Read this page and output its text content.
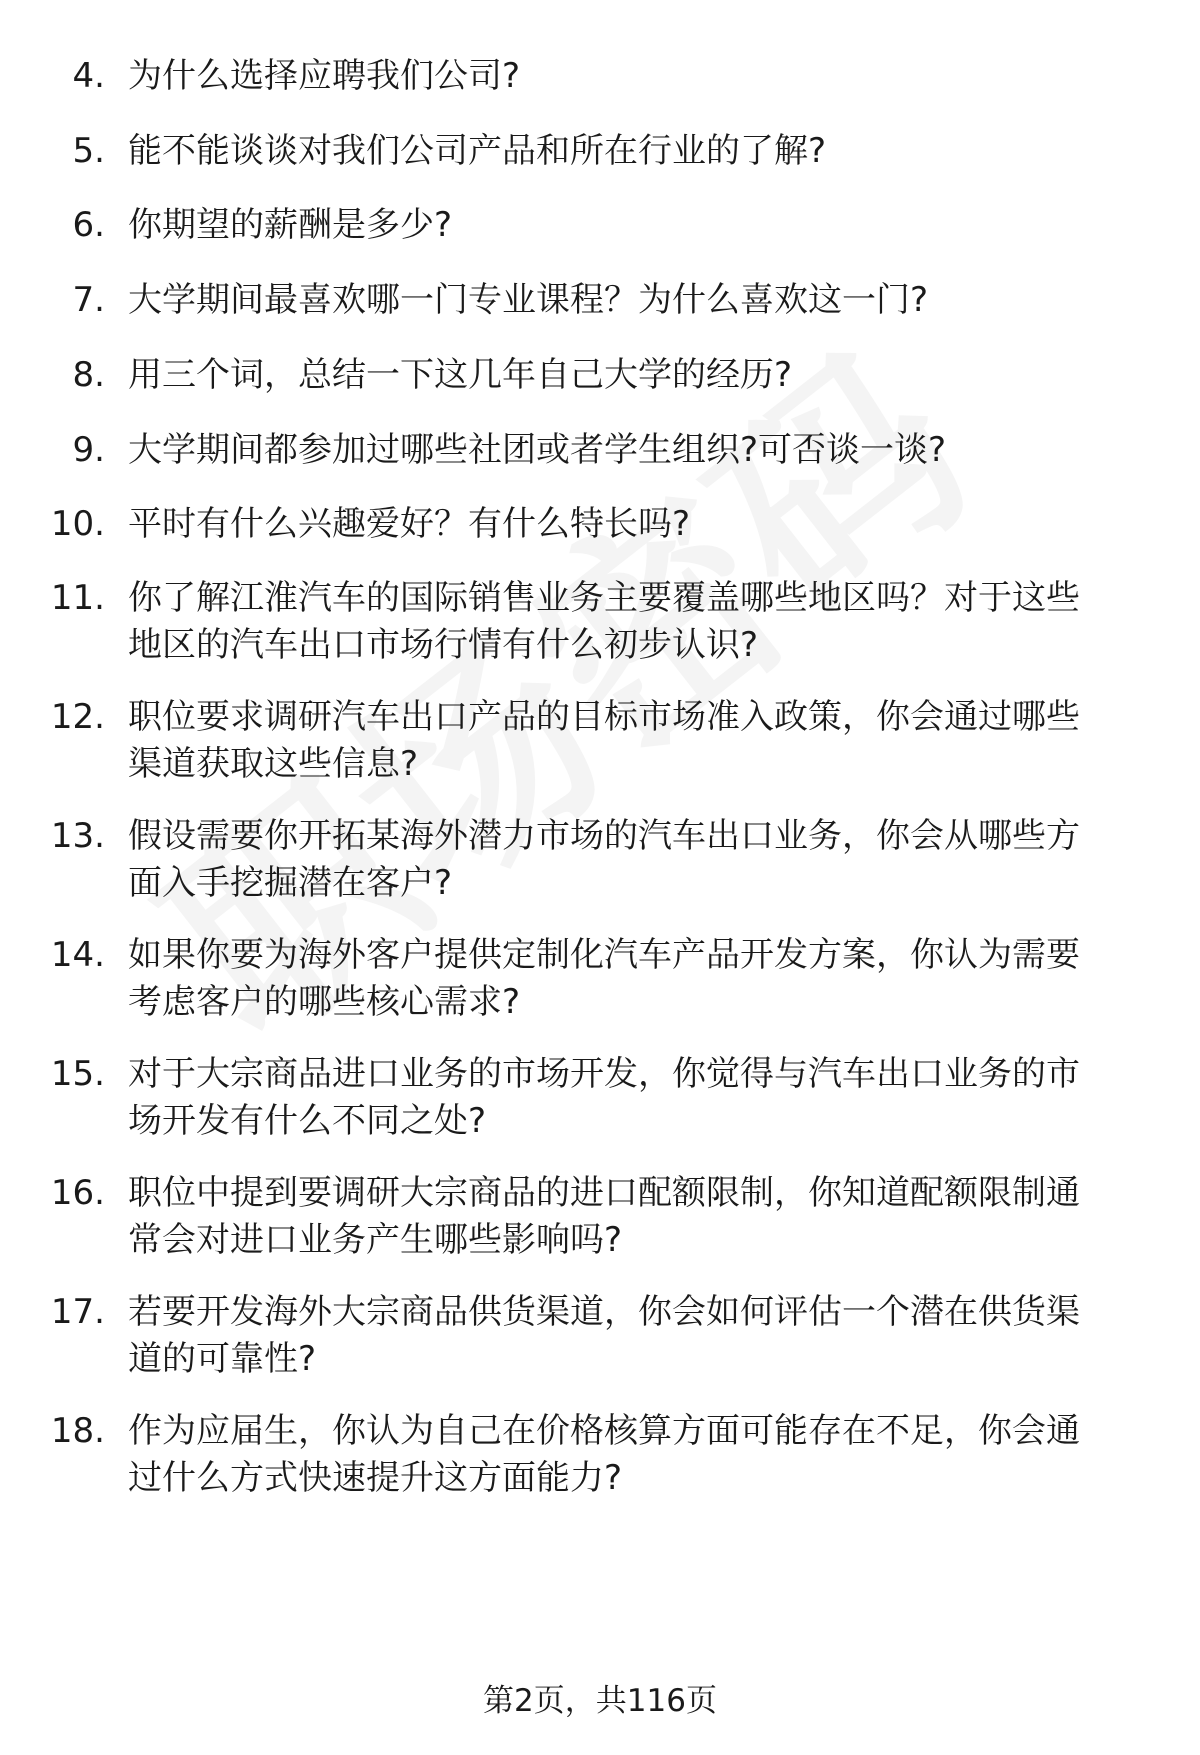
4. 为什么选择应聘我们公司?
5. 能不能谈谈对我们公司产品和所在行业的了解?
6. 你期望的薪酬是多少?
7. 大学期间最喜欢哪一门专业课程？为什么喜欢这一门?
8. 用三个词，总结一下这几年自己大学的经历?
9. 大学期间都参加过哪些社团或者学生组织?可否谈一谈?
10. 平时有什么兴趣爱好？有什么特长吗?
11. 你了解江淮汽车的国际销售业务主要覆盖哪些地区吗？对于这些
地区的汽车出口市场行情有什么初步认识?
12. 职位要求调研汽车出口产品的目标市场准入政策，你会通过哪些
渠道获取这些信息?
13. 假设需要你开拓某海外潜力市场的汽车出口业务，你会从哪些方
面入手挖掘潜在客户?
14. 如果你要为海外客户提供定制化汽车产品开发方案，你认为需要
考虑客户的哪些核心需求?
15. 对于大宗商品进口业务的市场开发，你觉得与汽车出口业务的市
场开发有什么不同之处?
16. 职位中提到要调研大宗商品的进口配额限制，你知道配额限制通
常会对进口业务产生哪些影响吗?
17. 若要开发海外大宗商品供货渠道，你会如何评估一个潜在供货渠
道的可靠性?
18. 作为应届生，你认为自己在价格核算方面可能存在不足，你会通
过什么方式快速提升这方面能力?
第2页，共116页
